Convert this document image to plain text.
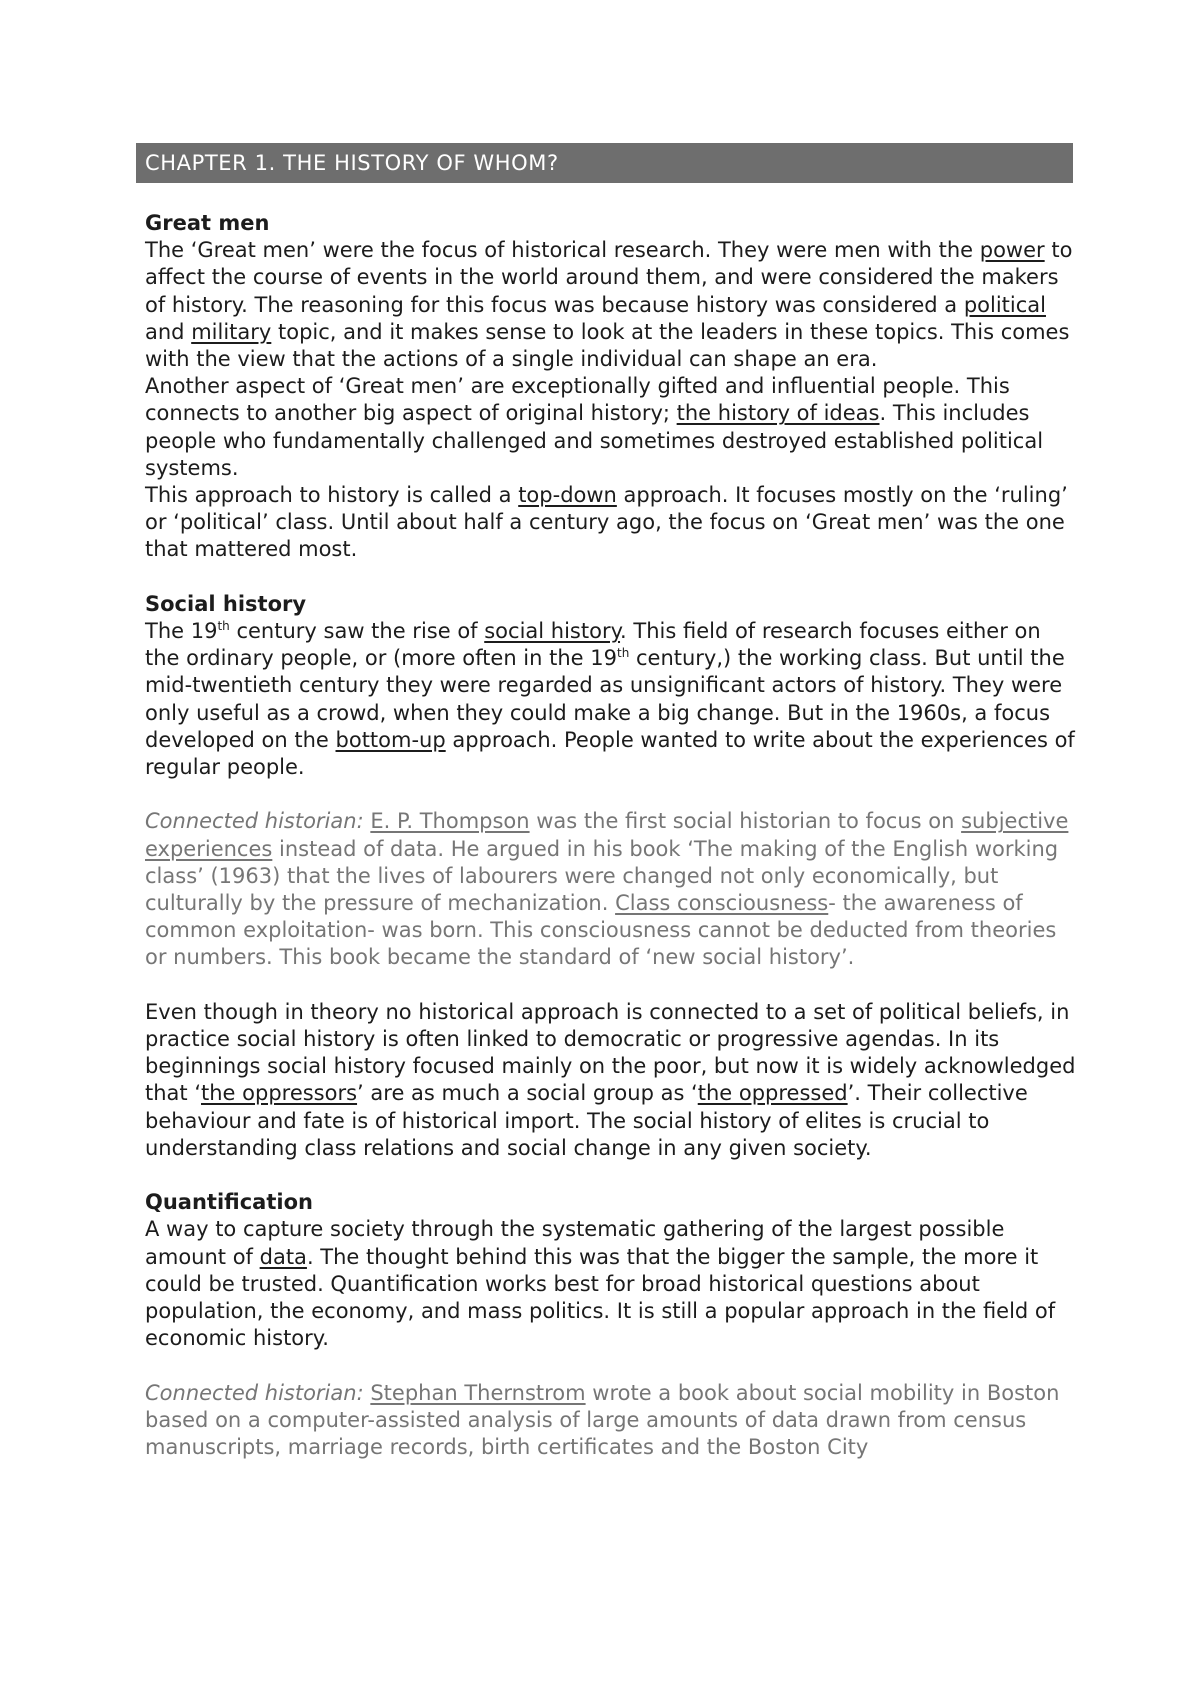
CHAPTER 1. THE HISTORY OF WHOM?
Great men

The ‘Great men’ were the focus of historical research. They were men with the power to affect the course of events in the world around them, and were considered the makers of history. The reasoning for this focus was because history was considered a political and military topic, and it makes sense to look at the leaders in these topics. This comes with the view that the actions of a single individual can shape an era.

Another aspect of ‘Great men’ are exceptionally gifted and influential people. This connects to another big aspect of original history; the history of ideas. This includes people who fundamentally challenged and sometimes destroyed established political systems.

This approach to history is called a top-down approach. It focuses mostly on the ‘ruling’ or ‘political’ class. Until about half a century ago, the focus on ‘Great men’ was the one that mattered most.

Social history

The 19th century saw the rise of social history. This field of research focuses either on the ordinary people, or (more often in the 19th century,) the working class. But until the mid-twentieth century they were regarded as unsignificant actors of history. They were only useful as a crowd, when they could make a big change. But in the 1960s, a focus developed on the bottom-up approach. People wanted to write about the experiences of regular people.

Connected historian: E. P. Thompson was the first social historian to focus on subjective experiences instead of data. He argued in his book ‘The making of the English working class’ (1963) that the lives of labourers were changed not only economically, but culturally by the pressure of mechanization. Class consciousness- the awareness of common exploitation- was born. This consciousness cannot be deducted from theories or numbers. This book became the standard of ‘new social history’.

Even though in theory no historical approach is connected to a set of political beliefs, in practice social history is often linked to democratic or progressive agendas. In its beginnings social history focused mainly on the poor, but now it is widely acknowledged that ‘the oppressors’ are as much a social group as ‘the oppressed’. Their collective behaviour and fate is of historical import. The social history of elites is crucial to understanding class relations and social change in any given society.

Quantification

A way to capture society through the systematic gathering of the largest possible amount of data. The thought behind this was that the bigger the sample, the more it could be trusted. Quantification works best for broad historical questions about population, the economy, and mass politics. It is still a popular approach in the field of economic history.

Connected historian: Stephan Thernstrom wrote a book about social mobility in Boston based on a computer-assisted analysis of large amounts of data drawn from census manuscripts, marriage records, birth certificates and the Boston City
